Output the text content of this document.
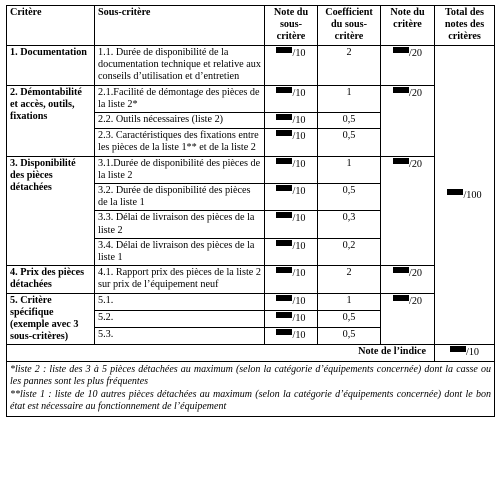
Critère	Sous-critère	Note du sous-critère	Coefficient du sous-critère	Note du critère	Total des notes des critères
1. Documentation	1.1. Durée de disponibilité de la documentation technique et relative aux conseils d’utilisation et d’entretien	/10	2	/20	/100
2. Démontabilité et accès, outils, fixations	2.1.Facilité de démontage des pièces de la liste 2*	/10	1	/20	
	2.2. Outils nécessaires (liste 2)	/10	0,5		
	2.3. Caractéristiques des fixations entre les pièces de la liste 1** et de la liste 2	/10	0,5		
3. Disponibilité des pièces détachées	3.1.Durée de disponibilité des pièces de la liste 2	/10	1	/20	
	3.2. Durée de disponibilité des pièces de la liste 1	/10	0,5		
	3.3. Délai de livraison des pièces de la liste 2	/10	0,3		
	3.4. Délai de livraison des pièces de la liste 1	/10	0,2		
4. Prix des pièces détachées	4.1. Rapport prix des pièces de la liste 2 sur prix de l’équipement neuf	/10	2	/20	
5. Critère spécifique (exemple avec 3 sous-critères)	5.1.	/10	1	/20	
	5.2.	/10	0,5		
	5.3.	/10	0,5		
Note de l’indice					/10

*liste 2 : liste des 3 à 5 pièces détachées au maximum (selon la catégorie d’équipements concernée) dont la casse ou les pannes sont les plus fréquentes

**liste 1 : liste de 10 autres pièces détachées au maximum (selon la catégorie d’équipements concernée) dont le bon état est nécessaire au fonctionnement de l’équipement					
